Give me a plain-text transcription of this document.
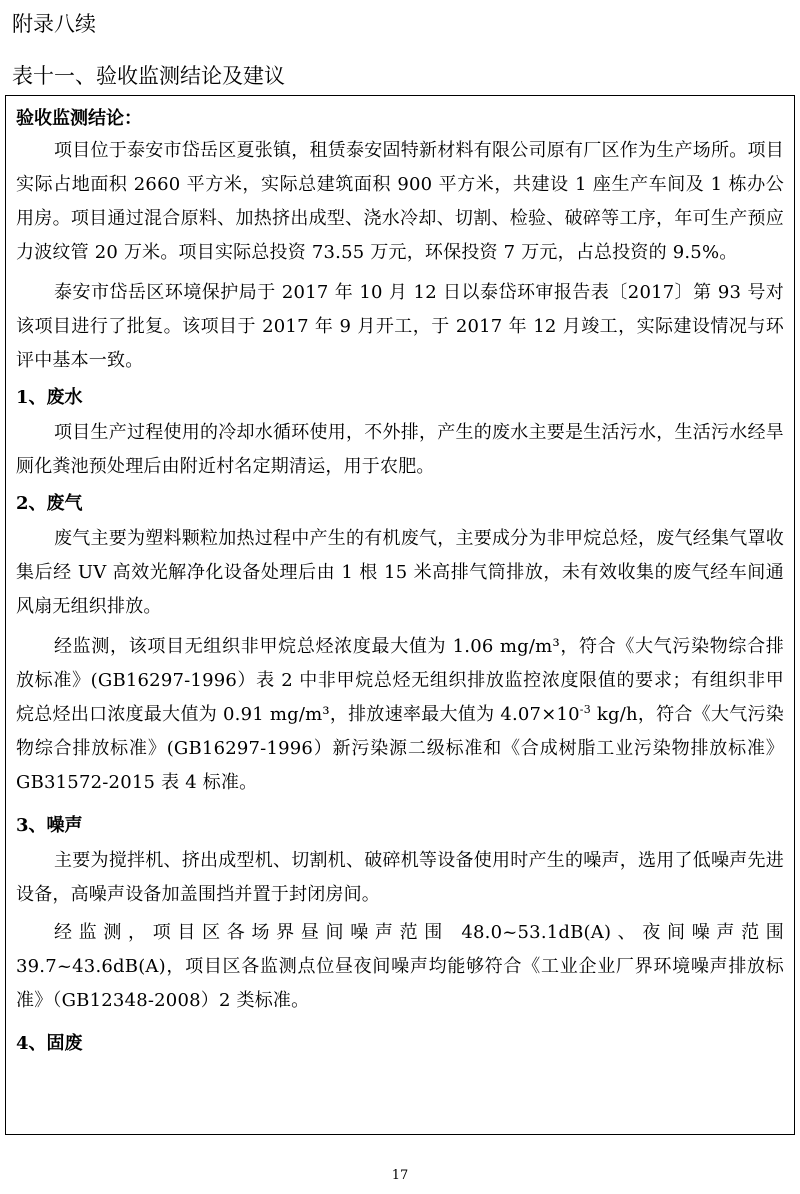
附录八续
表十一、验收监测结论及建议
验收监测结论：

项目位于泰安市岱岳区夏张镇，租赁泰安固特新材料有限公司原有厂区作为生产场所。项目实际占地面积 2660 平方米，实际总建筑面积 900 平方米，共建设 1 座生产车间及 1 栋办公用房。项目通过混合原料、加热挤出成型、浇水冷却、切割、检验、破碎等工序，年可生产预应力波纹管 20 万米。项目实际总投资 73.55 万元，环保投资 7 万元，占总投资的 9.5%。

泰安市岱岳区环境保护局于 2017 年 10 月 12 日以泰岱环审报告表〔2017〕第 93 号对该项目进行了批复。该项目于 2017 年 9 月开工，于 2017 年 12 月竣工，实际建设情况与环评中基本一致。

1、废水

项目生产过程使用的冷却水循环使用，不外排，产生的废水主要是生活污水，生活污水经旱厕化粪池预处理后由附近村名定期清运，用于农肥。

2、废气

废气主要为塑料颗粒加热过程中产生的有机废气，主要成分为非甲烷总烃，废气经集气罩收集后经 UV 高效光解净化设备处理后由 1 根 15 米高排气筒排放，未有效收集的废气经车间通风扇无组织排放。

经监测，该项目无组织非甲烷总烃浓度最大值为 1.06 mg/m³，符合《大气污染物综合排放标准》(GB16297-1996）表 2 中非甲烷总烃无组织排放监控浓度限值的要求；有组织非甲烷总烃出口浓度最大值为 0.91 mg/m³，排放速率最大值为 $4.07\times 10^{-3}$ kg/h，符合《大气污染物综合排放标准》(GB16297-1996）新污染源二级标准和《合成树脂工业污染物排放标准》GB31572-2015 表 4 标准。

3、噪声

主要为搅拌机、挤出成型机、切割机、破碎机等设备使用时产生的噪声，选用了低噪声先进设备，高噪声设备加盖围挡并置于封闭房间。

经监测，项目区各场界昼间噪声范围 48.0~53.1dB(A)、夜间噪声范围 39.7~43.6dB(A)，项目区各监测点位昼夜间噪声均能够符合《工业企业厂界环境噪声排放标准》（GB12348-2008）2 类标准。

4、固废
17
